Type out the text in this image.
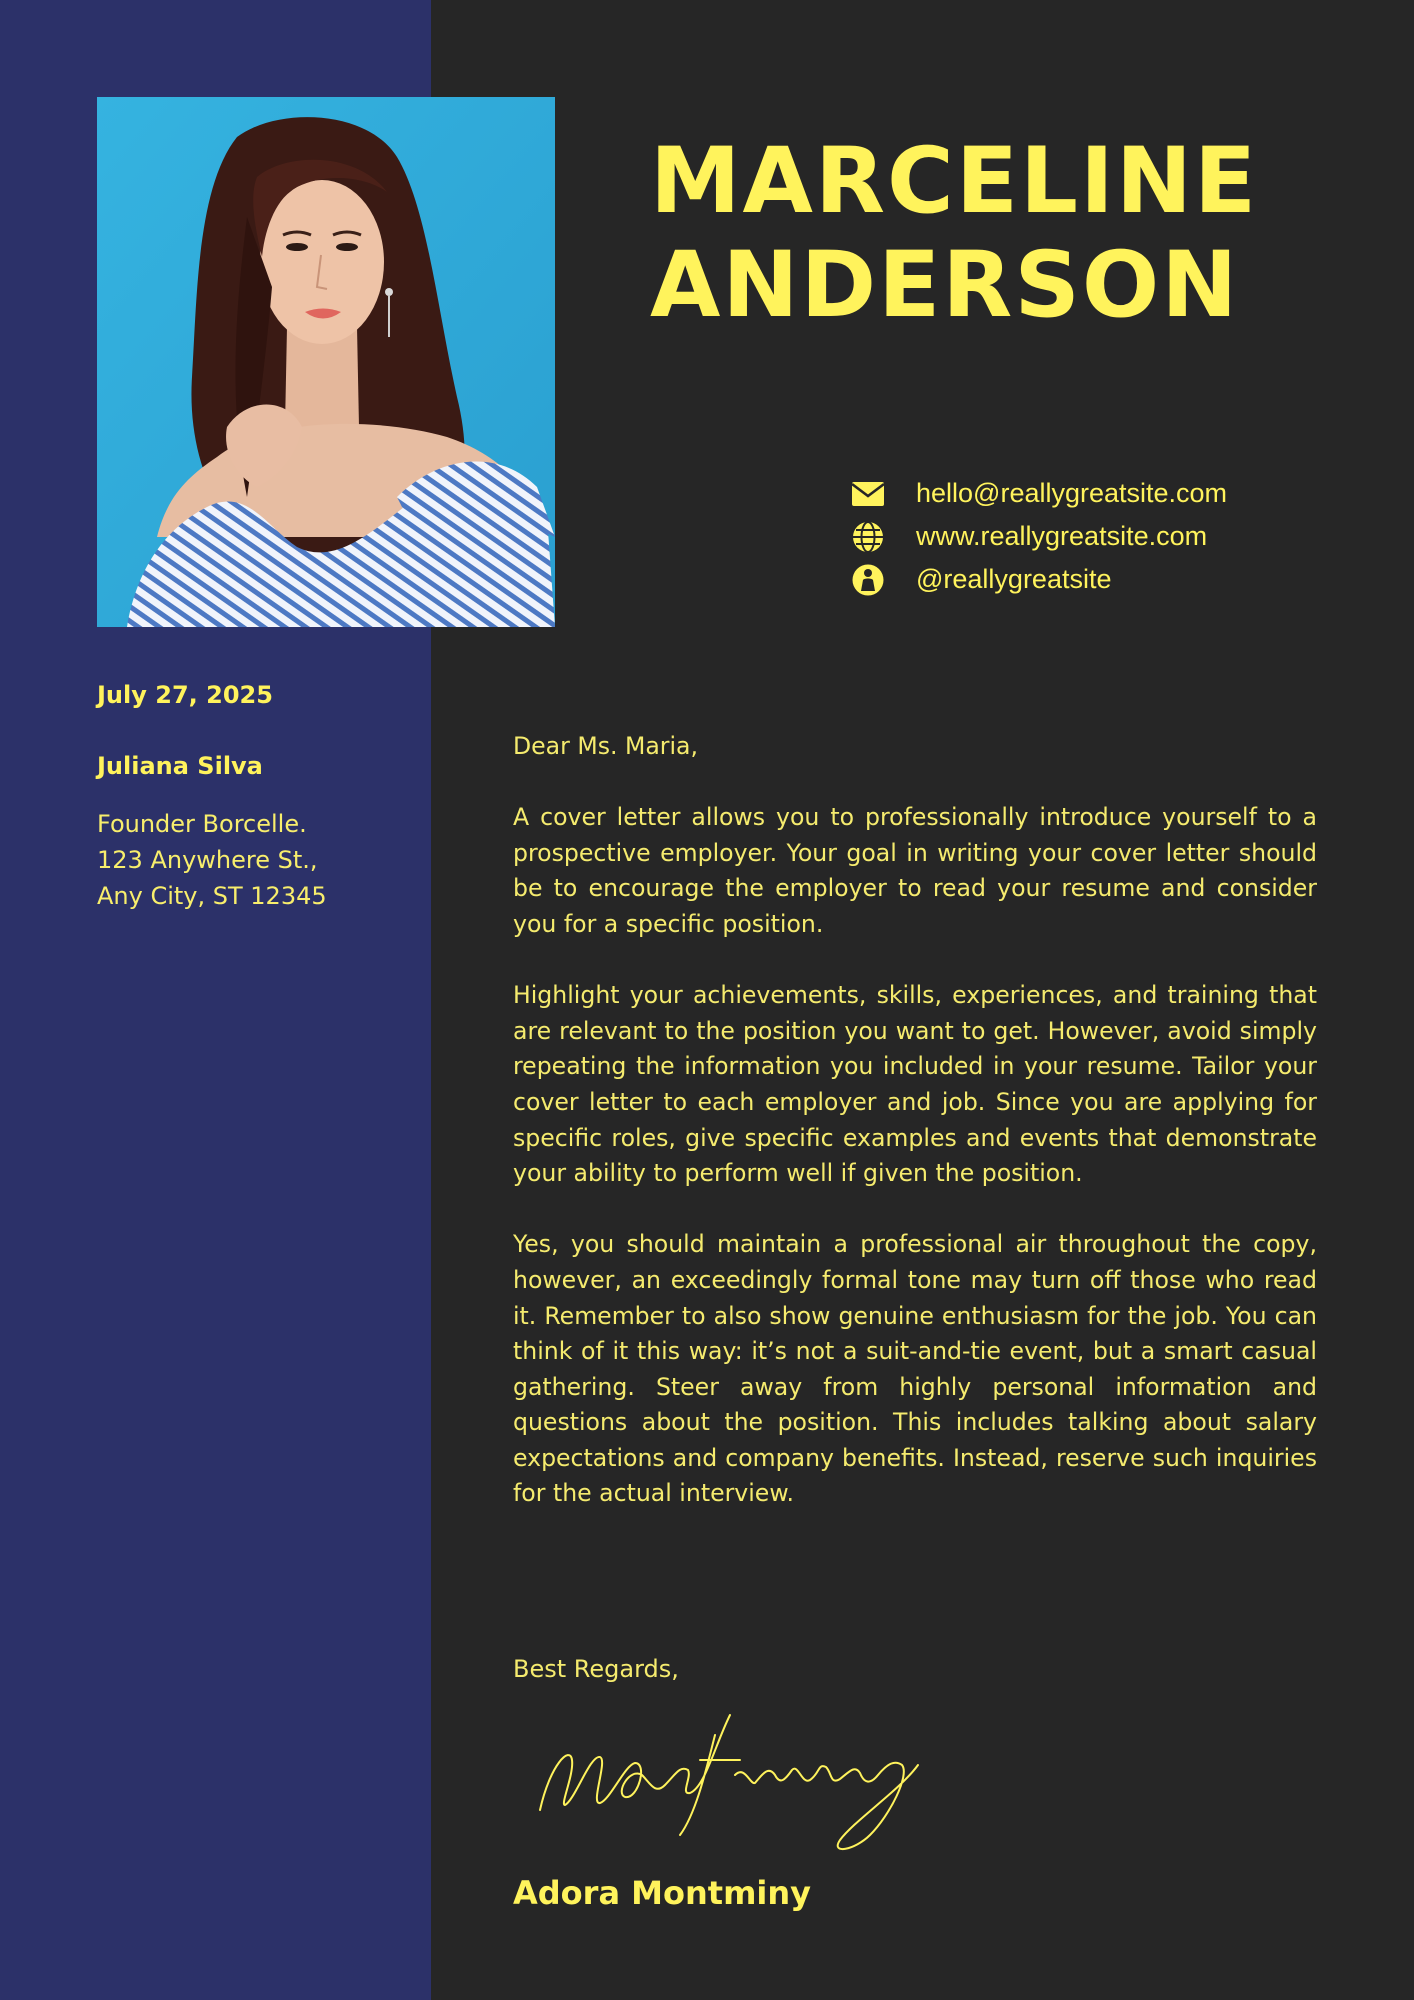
MARCELINE
ANDERSON
hello@reallygreatsite.com
www.reallygreatsite.com
@reallygreatsite
July 27, 2025
Juliana Silva
Founder Borcelle.
123 Anywhere St.,
Any City, ST 12345

Dear Ms. Maria,

A cover letter allows you to professionally introduce yourself to a prospective employer. Your goal in writing your cover letter should be to encourage the employer to read your resume and consider you for a specific position.

Highlight your achievements, skills, experiences, and training that are relevant to the position you want to get. However, avoid simply repeating the information you included in your resume. Tailor your cover letter to each employer and job. Since you are applying for specific roles, give specific examples and events that demonstrate your ability to perform well if given the position.

Yes, you should maintain a professional air throughout the copy, however, an exceedingly formal tone may turn off those who read it. Remember to also show genuine enthusiasm for the job. You can think of it this way: it’s not a suit-and-tie event, but a smart casual gathering. Steer away from highly personal information and questions about the position. This includes talking about salary expectations and company benefits. Instead, reserve such inquiries for the actual interview.

Best Regards,
Adora Montminy
